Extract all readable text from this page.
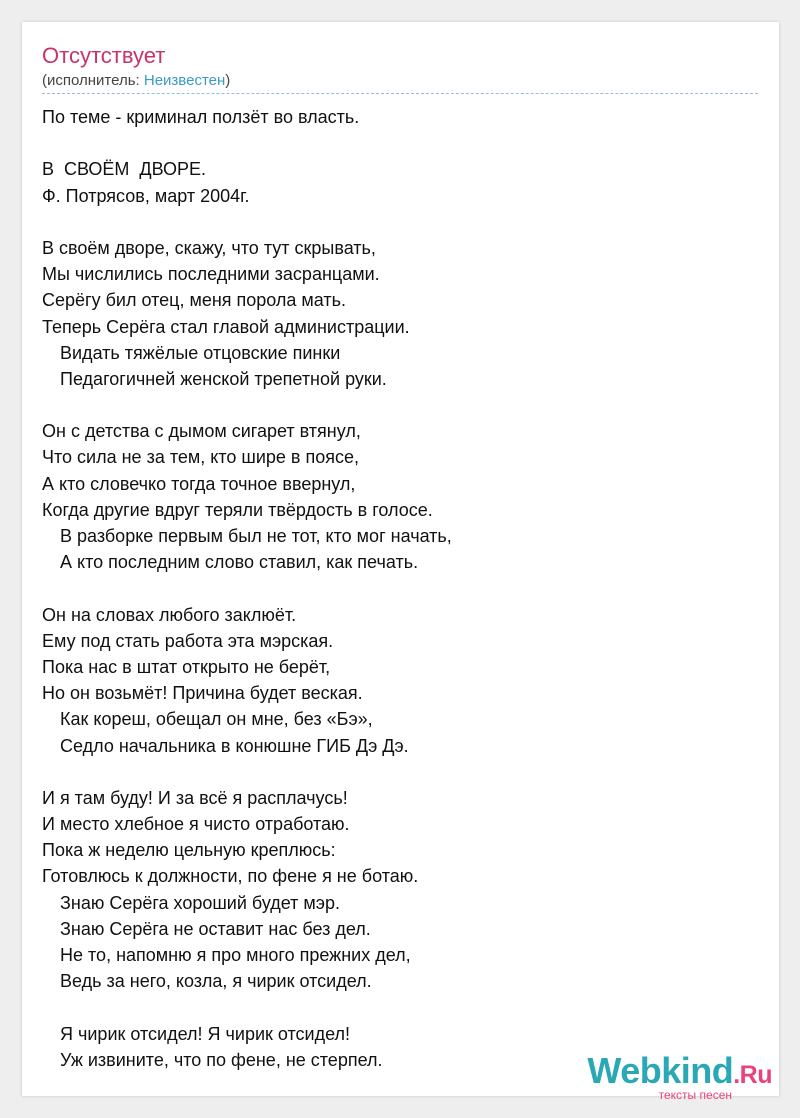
Отсутствует
(исполнитель: Неизвестен)
По теме - криминал ползёт во власть.
В  СВОЁМ  ДВОРЕ.
Ф. Потрясов, март 2004г.
В своём дворе, скажу, что тут скрывать,
Мы числились последними засранцами.
Серёгу бил отец, меня порола мать.
Теперь Серёга стал главой администрации.
Видать тяжёлые отцовские пинки
Педагогичней женской трепетной руки.
Он с детства с дымом сигарет втянул,
Что сила не за тем, кто шире в поясе,
А кто словечко тогда точное ввернул,
Когда другие вдруг теряли твёрдость в голосе.
В разборке первым был не тот, кто мог начать,
А кто последним слово ставил, как печать.
Он на словах любого заклюёт.
Ему под стать работа эта мэрская.
Пока нас в штат открыто не берёт,
Но он возьмёт! Причина будет веская.
Как кореш, обещал он мне, без «Бэ»,
Седло начальника в конюшне ГИБ Дэ Дэ.
И я там буду! И за всё я расплачусь!
И место хлебное я чисто отработаю.
Пока ж неделю цельную креплюсь:
Готовлюсь к должности, по фене я не ботаю.
Знаю Серёга хороший будет мэр.
Знаю Серёга не оставит нас без дел.
Не то, напомню я про много прежних дел,
Ведь за него, козла, я чирик отсидел.
Я чирик отсидел! Я чирик отсидел!
Уж извините, что по фене, не стерпел.	Webkind.Ru
тексты песен
